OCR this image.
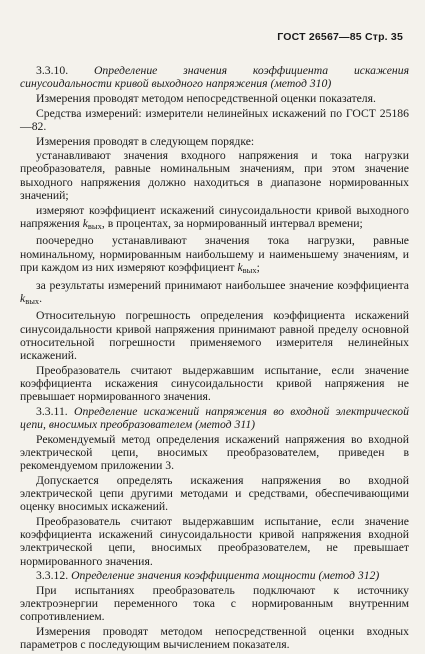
ГОСТ 26567—85 Стр. 35

3.3.10. Определение значения коэффициента искажения синусоидальности кривой выходного напряжения (метод 310)

Измерения проводят методом непосредственной оценки показателя.

Средства измерений: измерители нелинейных искажений по ГОСТ 25186—82.

Измерения проводят в следующем порядке:

устанавливают значения входного напряжения и тока нагрузки преобразователя, равные номинальным значениям, при этом значение выходного напряжения должно находиться в диапазоне нормированных значений;

измеряют коэффициент искажений синусоидальности кривой выходного напряжения $k_{вых}$, в процентах, за нормированный интервал времени;

поочередно устанавливают значения тока нагрузки, равные номинальному, нормированным наибольшему и наименьшему значениям, и при каждом из них измеряют коэффициент $k_{вых}$;

за результаты измерений принимают наибольшее значение коэффициента $k_{вых}$.

Относительную погрешность определения коэффициента искажений синусоидальности кривой напряжения принимают равной пределу основной относительной погрешности применяемого измерителя нелинейных искажений.

Преобразователь считают выдержавшим испытание, если значение коэффициента искажения синусоидальности кривой напряжения не превышает нормированного значения.

3.3.11. Определение искажений напряжения во входной электрической цепи, вносимых преобразователем (метод 311)

Рекомендуемый метод определения искажений напряжения во входной электрической цепи, вносимых преобразователем, приведен в рекомендуемом приложении 3.

Допускается определять искажения напряжения во входной электрической цепи другими методами и средствами, обеспечивающими оценку вносимых искажений.

Преобразователь считают выдержавшим испытание, если значение коэффициента искажений синусоидальности кривой напряжения входной электрической цепи, вносимых преобразователем, не превышает нормированного значения.

3.3.12. Определение значения коэффициента мощности (метод 312)

При испытаниях преобразователь подключают к источнику электроэнергии переменного тока с нормированным внутренним сопротивлением.

Измерения проводят методом непосредственной оценки входных параметров с последующим вычислением показателя.
